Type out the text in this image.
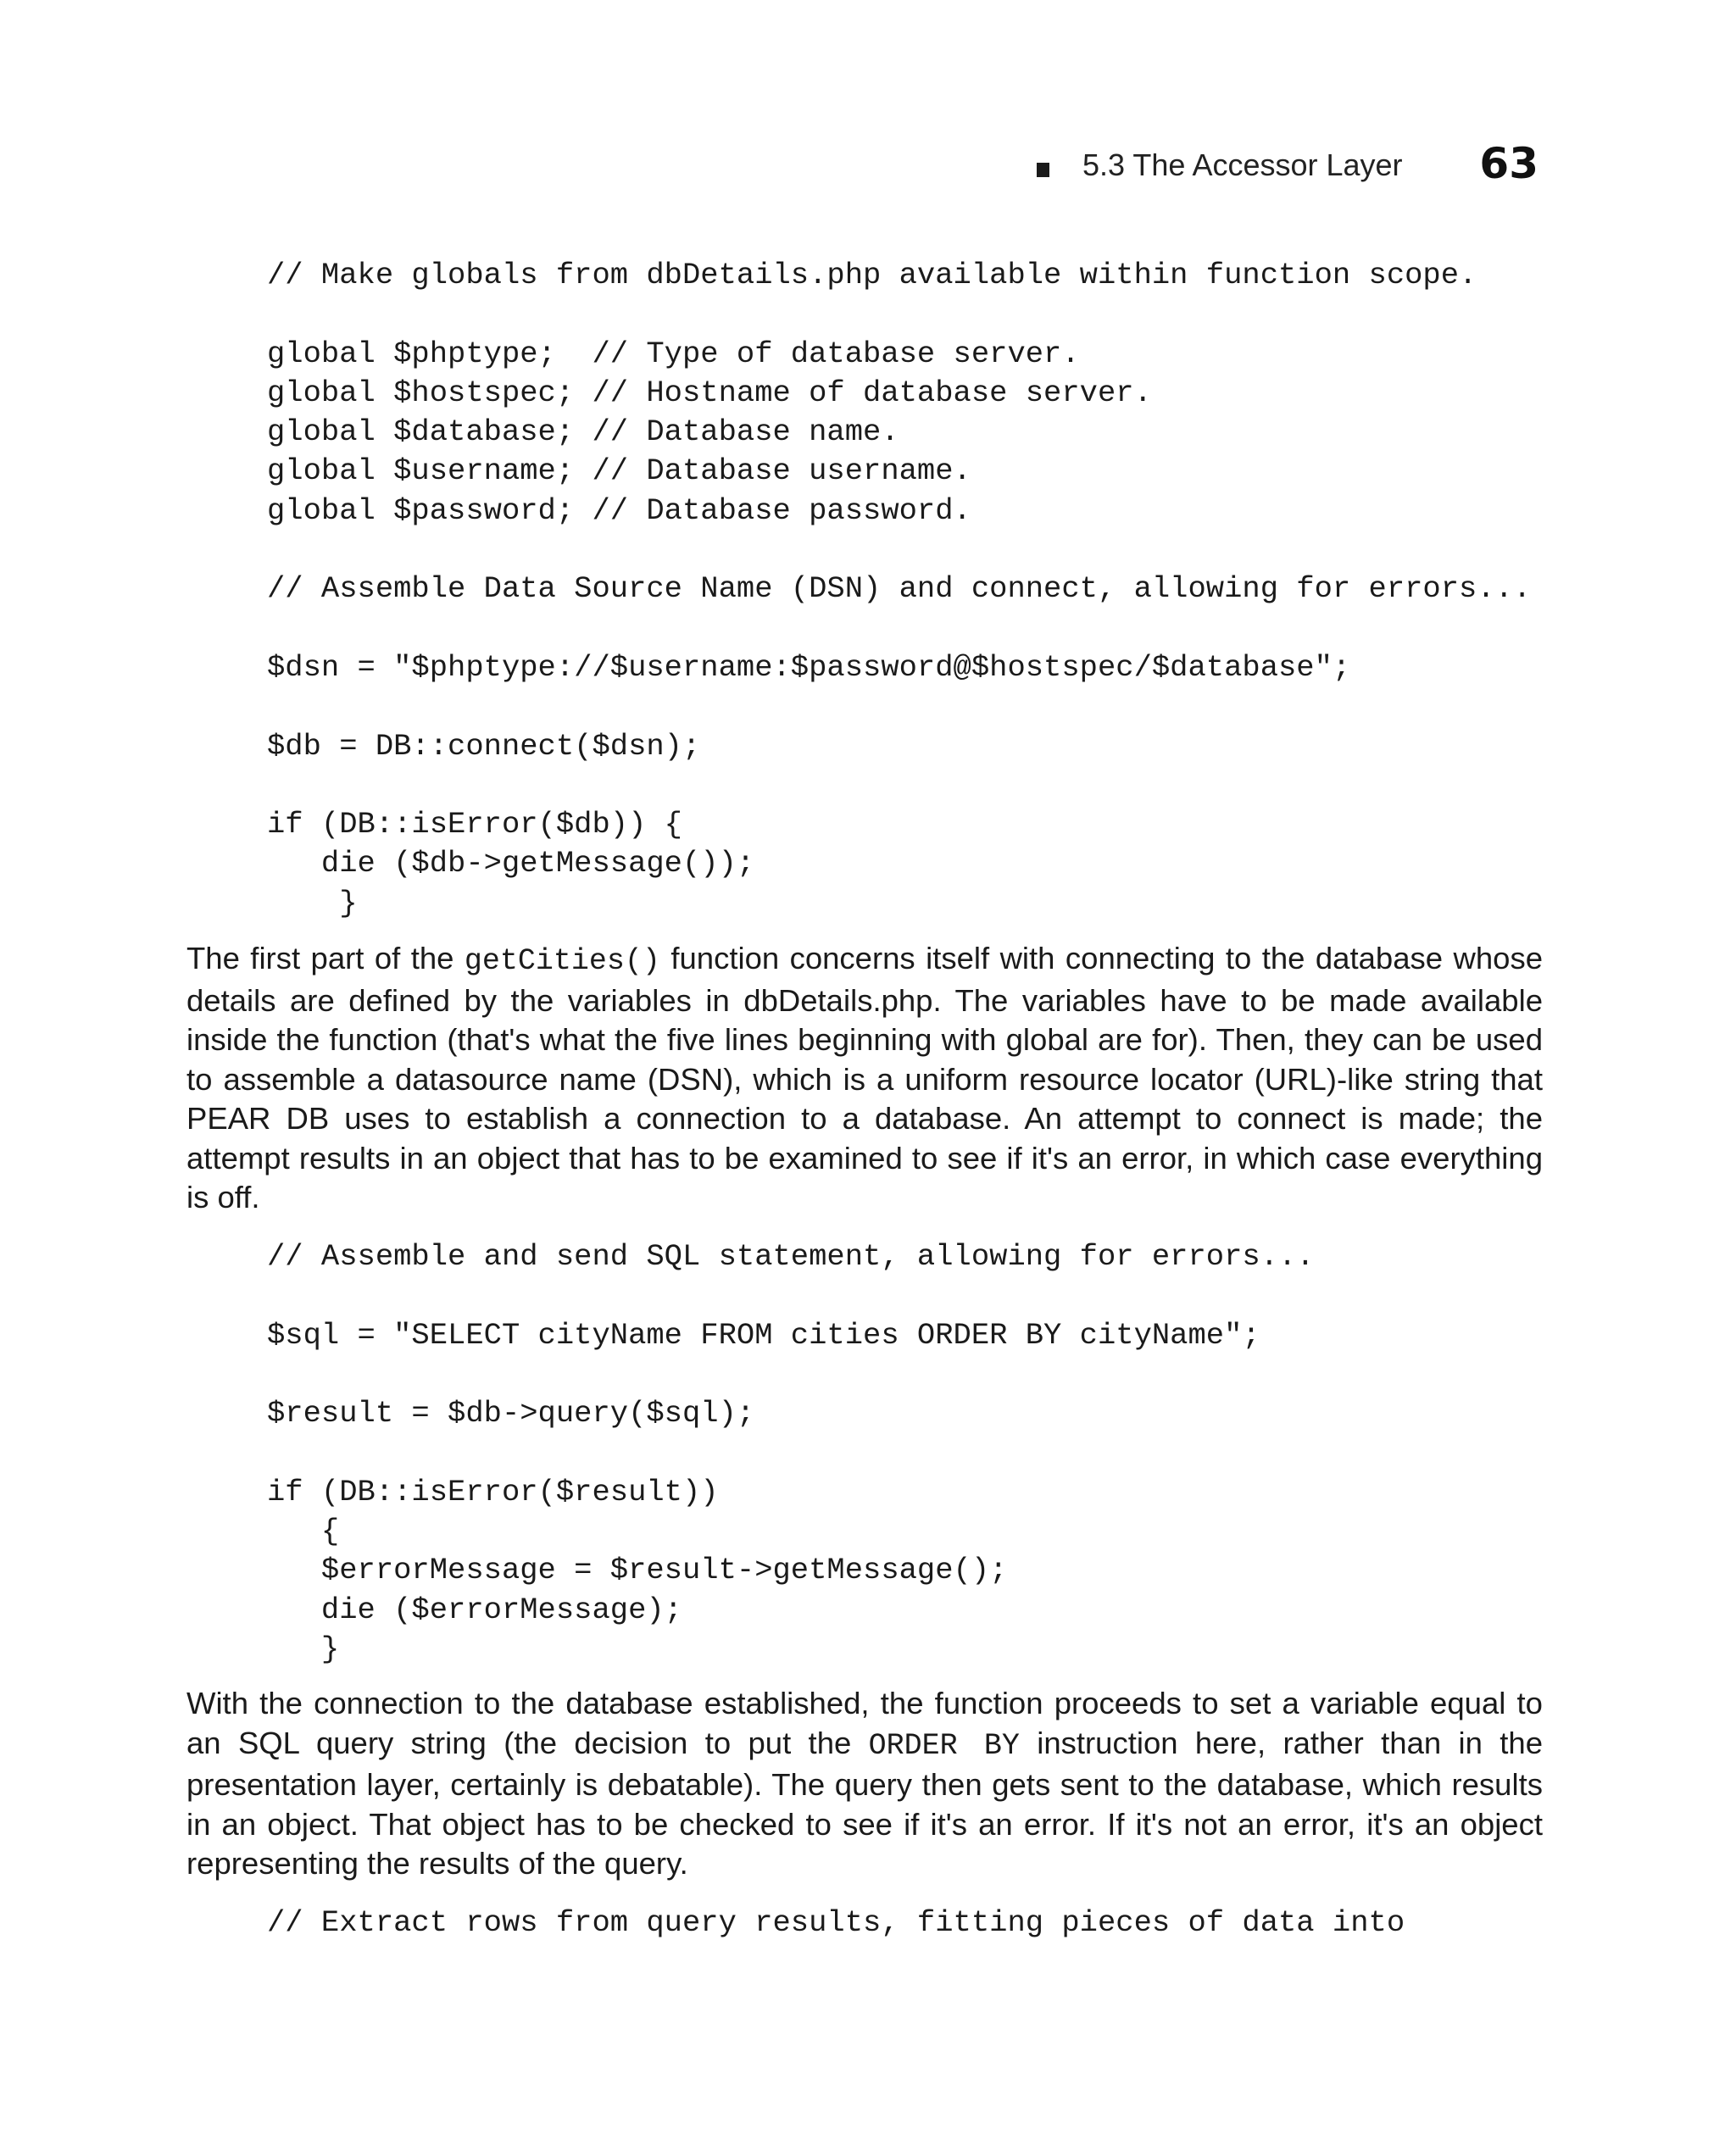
5.3 The Accessor Layer 63
// Make globals from dbDetails.php available within function scope.
global $phptype;  // Type of database server.
global $hostspec; // Hostname of database server.
global $database; // Database name.
global $username; // Database username.
global $password; // Database password.
// Assemble Data Source Name (DSN) and connect, allowing for errors...
$dsn = "$phptype://$username:$password@$hostspec/$database";
$db = DB::connect($dsn);
if (DB::isError($db)) {
die ($db->getMessage());
}

The first part of the getCities() function concerns itself with connecting to the database whose details are defined by the variables in dbDetails.php. The variables have to be made available inside the function (that's what the five lines beginning with global are for). Then, they can be used to assemble a datasource name (DSN), which is a uniform resource locator (URL)-like string that PEAR DB uses to establish a connection to a database. An attempt to connect is made; the attempt results in an object that has to be examined to see if it's an error, in which case everything is off.

// Assemble and send SQL statement, allowing for errors...
$sql = "SELECT cityName FROM cities ORDER BY cityName";
$result = $db->query($sql);
if (DB::isError($result))
{
$errorMessage = $result->getMessage();
die ($errorMessage);
}

With the connection to the database established, the function proceeds to set a variable equal to an SQL query string (the decision to put the ORDER BY instruction here, rather than in the presentation layer, certainly is debatable). The query then gets sent to the database, which results in an object. That object has to be checked to see if it's an error. If it's not an error, it's an object representing the results of the query.

// Extract rows from query results, fitting pieces of data into
